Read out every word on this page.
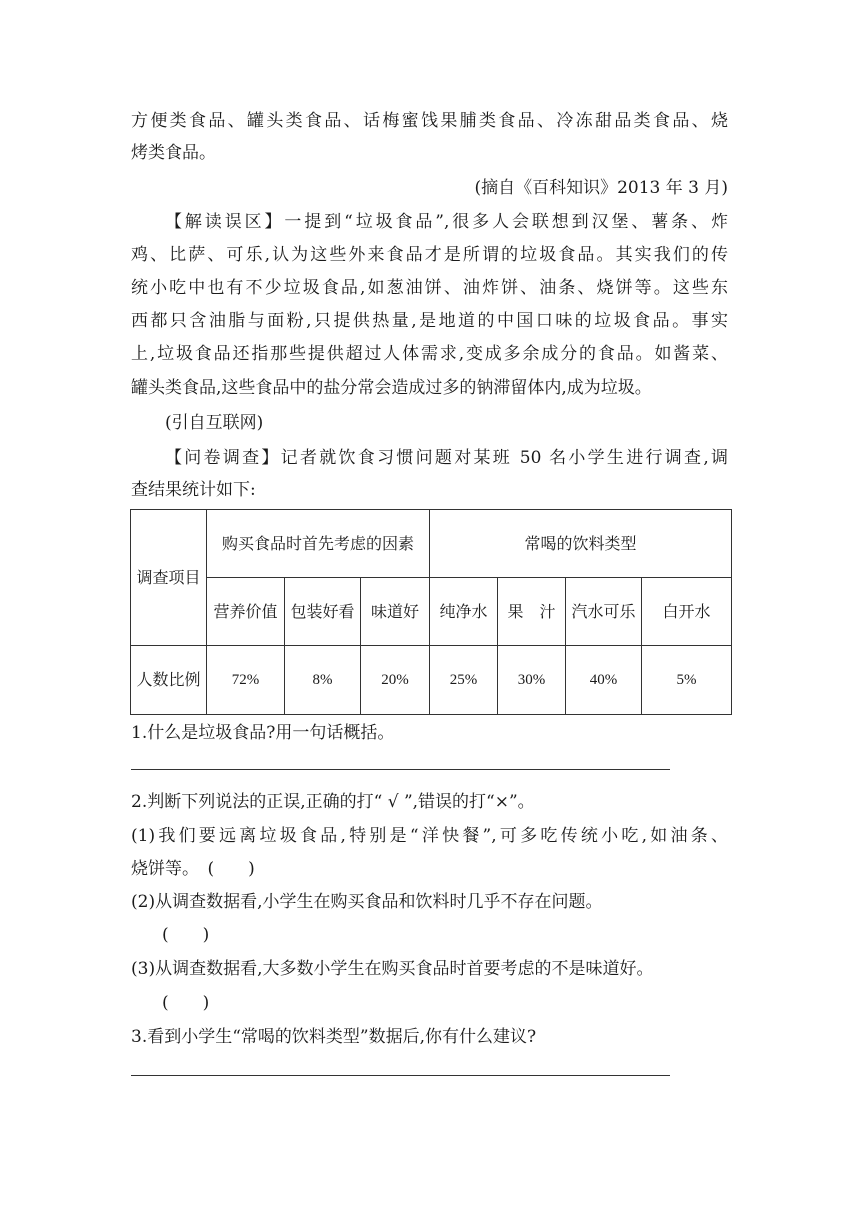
方便类食品、罐头类食品、话梅蜜饯果脯类食品、冷冻甜品类食品、烧
烤类食品。
(摘自《百科知识》2013 年 3 月)
【解读误区】一提到“垃圾食品”,很多人会联想到汉堡、薯条、炸
鸡、比萨、可乐,认为这些外来食品才是所谓的垃圾食品。其实我们的传
统小吃中也有不少垃圾食品,如葱油饼、油炸饼、油条、烧饼等。这些东
西都只含油脂与面粉,只提供热量,是地道的中国口味的垃圾食品。事实
上,垃圾食品还指那些提供超过人体需求,变成多余成分的食品。如酱菜、
罐头类食品,这些食品中的盐分常会造成过多的钠滞留体内,成为垃圾。
(引自互联网)
【问卷调查】记者就饮食习惯问题对某班 50 名小学生进行调查,调
查结果统计如下:
调查项目	购买食品时首先考虑的因素			常喝的饮料类型			
	营养价值	包装好看	味道好	纯净水	果　汁	汽水可乐	白开水
人数比例	72%	8%	20%	25%	30%	40%	5%
1.什么是垃圾食品?用一句话概括。
2.判断下列说法的正误,正确的打“ √ ”,错误的打“×”。
(1)我们要远离垃圾食品,特别是“洋快餐”,可多吃传统小吃,如油条、
烧饼等。　(　　)
(2)从调查数据看,小学生在购买食品和饮料时几乎不存在问题。
(　　)
(3)从调查数据看,大多数小学生在购买食品时首要考虑的不是味道好。
(　　)
3.看到小学生“常喝的饮料类型”数据后,你有什么建议?
